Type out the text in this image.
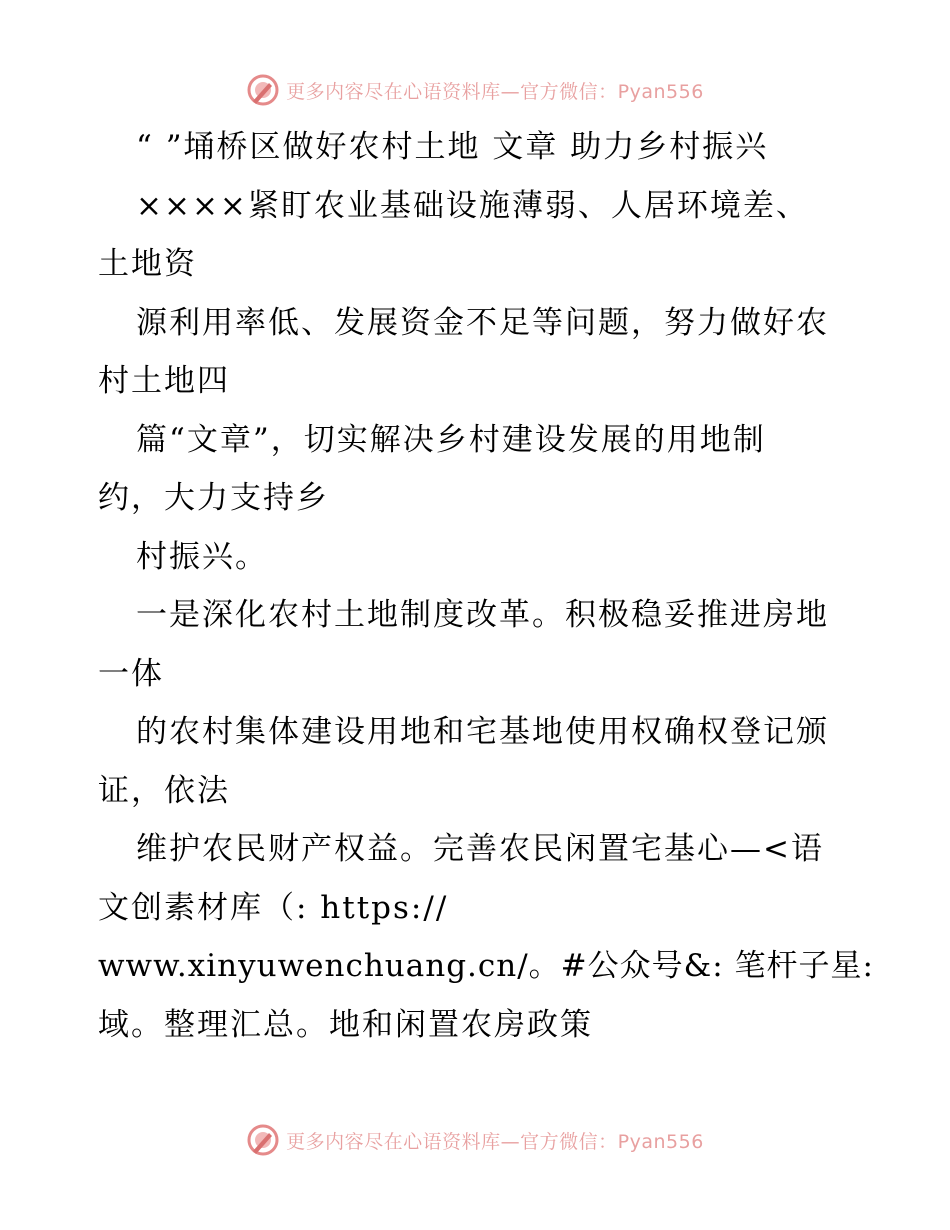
更多内容尽在心语资料库—官方微信：Pyan556
“ ”埇桥区做好农村土地 文章 助力乡村振兴
××××紧盯农业基础设施薄弱、人居环境差、
土地资
源利用率低、发展资金不足等问题，努力做好农
村土地四
篇“文章”，切实解决乡村建设发展的用地制
约，大力支持乡
村振兴。
一是深化农村土地制度改革。积极稳妥推进房地
一体
的农村集体建设用地和宅基地使用权确权登记颁
证，依法
维护农民财产权益。完善农民闲置宅基心—<语
文创素材库（: https://
www.xinyuwenchuang.cn/。#公众号&: 笔杆子星:
域。整理汇总。地和闲置农房政策
更多内容尽在心语资料库—官方微信：Pyan556
